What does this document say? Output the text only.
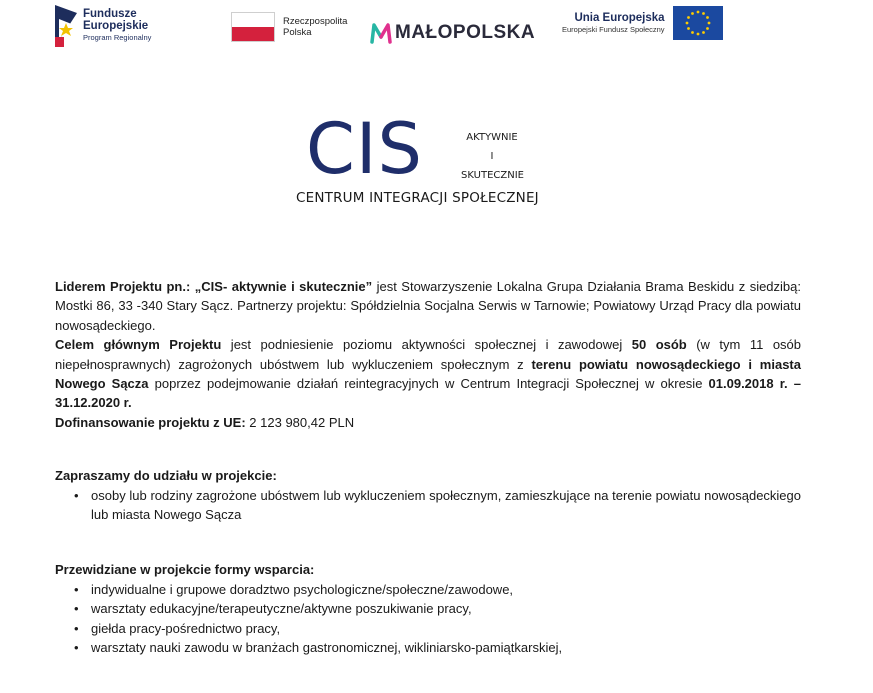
Fundusze
Europejskie
Program Regionalny
Rzeczpospolita
Polska	MAŁOPOLSKA
Unia Europejska
Europejski Fundusz Społeczny
CIS	AKTYWNIE
I
SKUTECZNIE
CENTRUM INTEGRACJI SPOŁECZNEJ

Liderem Projektu pn.: „CIS- aktywnie i skutecznie” jest Stowarzyszenie Lokalna Grupa Działania Brama Beskidu z siedzibą: Mostki 86, 33 -340 Stary Sącz. Partnerzy projektu: Spółdzielnia Socjalna Serwis w Tarnowie; Powiatowy Urząd Pracy dla powiatu nowosądeckiego.

Celem głównym Projektu jest podniesienie poziomu aktywności społecznej i zawodowej 50 osób (w tym 11 osób niepełnosprawnych) zagrożonych ubóstwem lub wykluczeniem społecznym z terenu powiatu nowosądeckiego i miasta Nowego Sącza poprzez podejmowanie działań reintegracyjnych w Centrum Integracji Społecznej w okresie 01.09.2018 r. – 31.12.2020 r.

Dofinansowanie projektu z UE: 2 123 980,42 PLN

Zapraszamy do udziału w projekcie:

• osoby lub rodziny zagrożone ubóstwem lub wykluczeniem społecznym, zamieszkujące na terenie powiatu nowosądeckiego lub miasta Nowego Sącza

Przewidziane w projekcie formy wsparcia:

• indywidualne i grupowe doradztwo psychologiczne/społeczne/zawodowe,
• warsztaty edukacyjne/terapeutyczne/aktywne poszukiwanie pracy,
• giełda pracy-pośrednictwo pracy,
• warsztaty nauki zawodu w branżach gastronomicznej, wikliniarsko-pamiątkarskiej,
